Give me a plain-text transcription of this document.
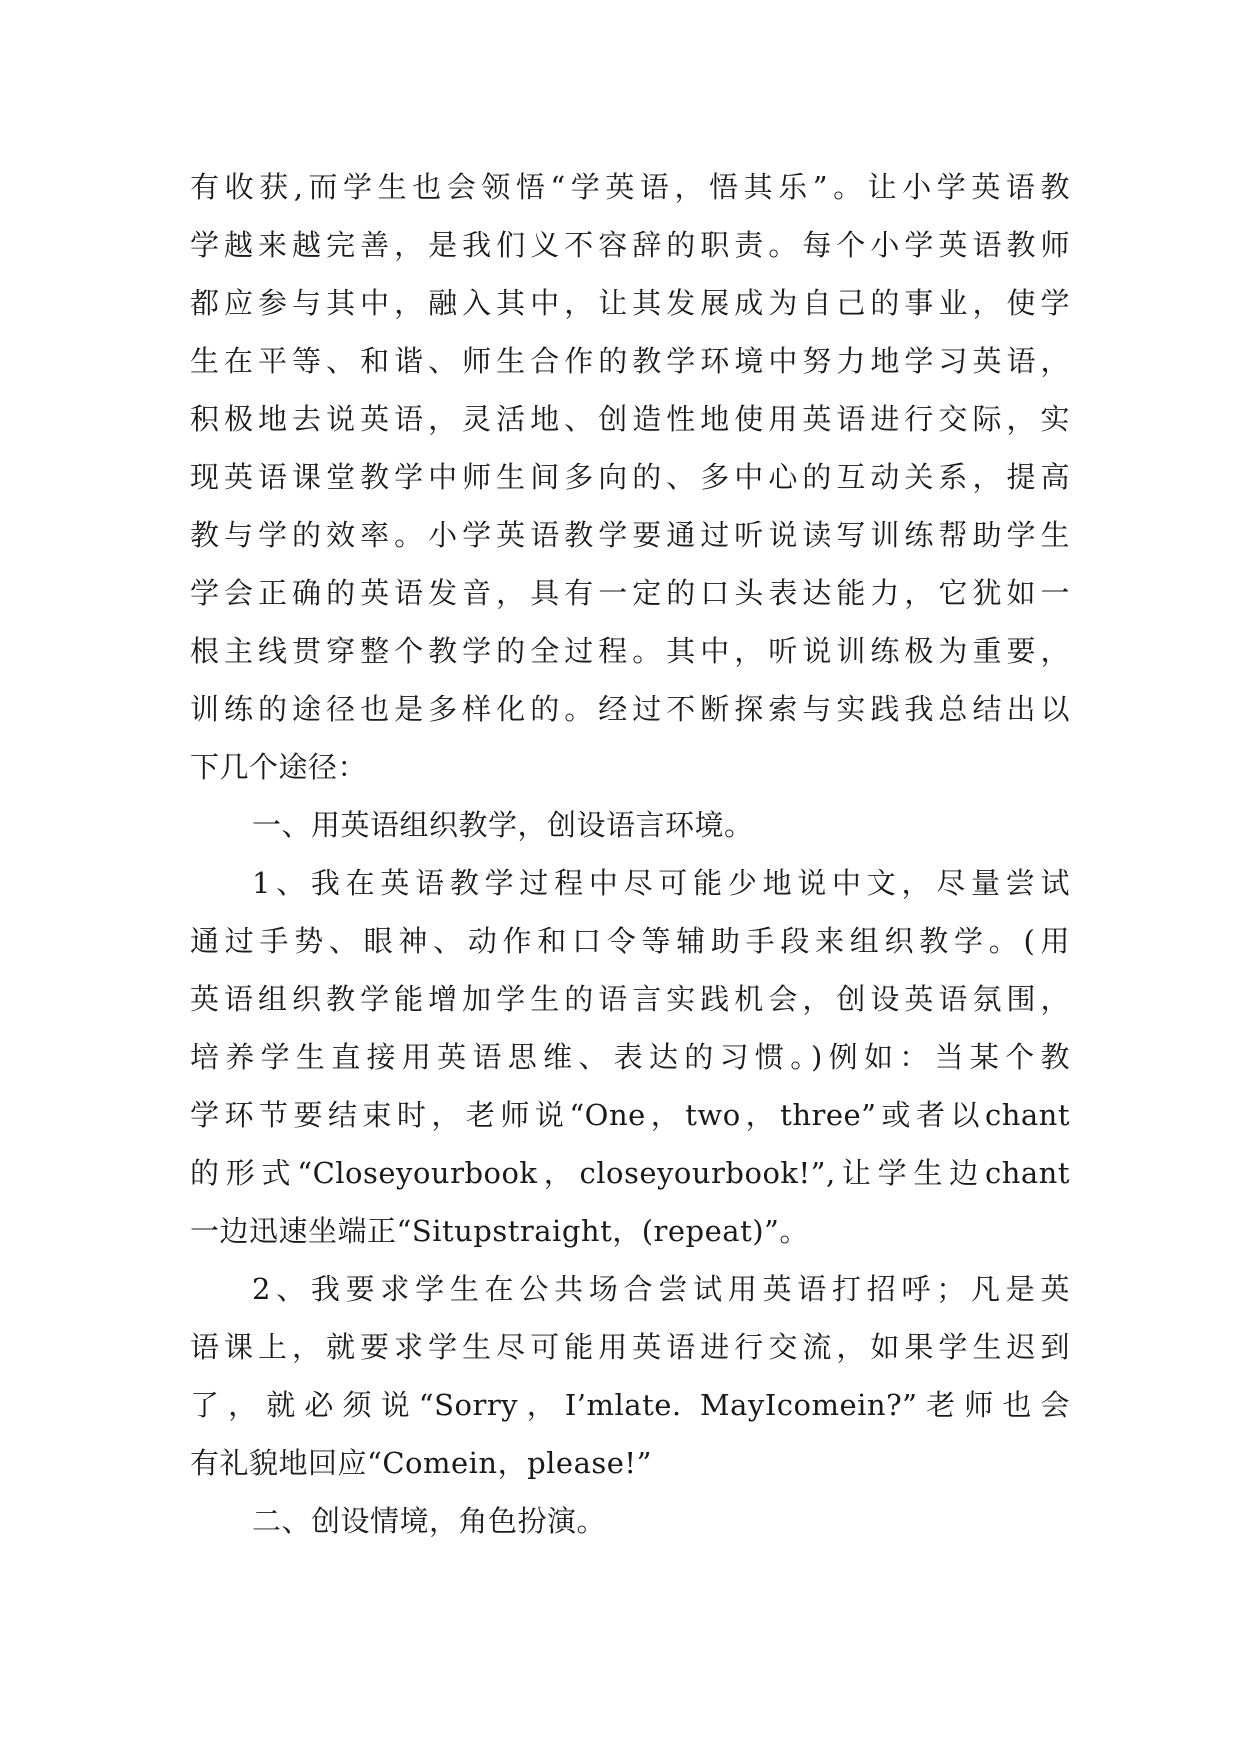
有收获,而学生也会领悟“学英语，悟其乐”。让小学英语教
学越来越完善，是我们义不容辞的职责。每个小学英语教师
都应参与其中，融入其中，让其发展成为自己的事业，使学
生在平等、和谐、师生合作的教学环境中努力地学习英语，
积极地去说英语，灵活地、创造性地使用英语进行交际，实
现英语课堂教学中师生间多向的、多中心的互动关系，提高
教与学的效率。小学英语教学要通过听说读写训练帮助学生
学会正确的英语发音，具有一定的口头表达能力，它犹如一
根主线贯穿整个教学的全过程。其中，听说训练极为重要，
训练的途径也是多样化的。经过不断探索与实践我总结出以
下几个途径：
一、用英语组织教学，创设语言环境。
1、我在英语教学过程中尽可能少地说中文，尽量尝试
通过手势、眼神、动作和口令等辅助手段来组织教学。(用
英语组织教学能增加学生的语言实践机会，创设英语氛围，
培养学生直接用英语思维、表达的习惯。)例如：当某个教
学环节要结束时，老师说“One，two，three”或者以chant
的形式“Closeyourbook，closeyourbook!”,让学生边chant
一边迅速坐端正“Situpstraight，(repeat)”。
2、我要求学生在公共场合尝试用英语打招呼；凡是英
语课上，就要求学生尽可能用英语进行交流，如果学生迟到
了，就必须说“Sorry，I’mlate. MayIcomein?”老师也会
有礼貌地回应“Comein，please!”
二、创设情境，角色扮演。
